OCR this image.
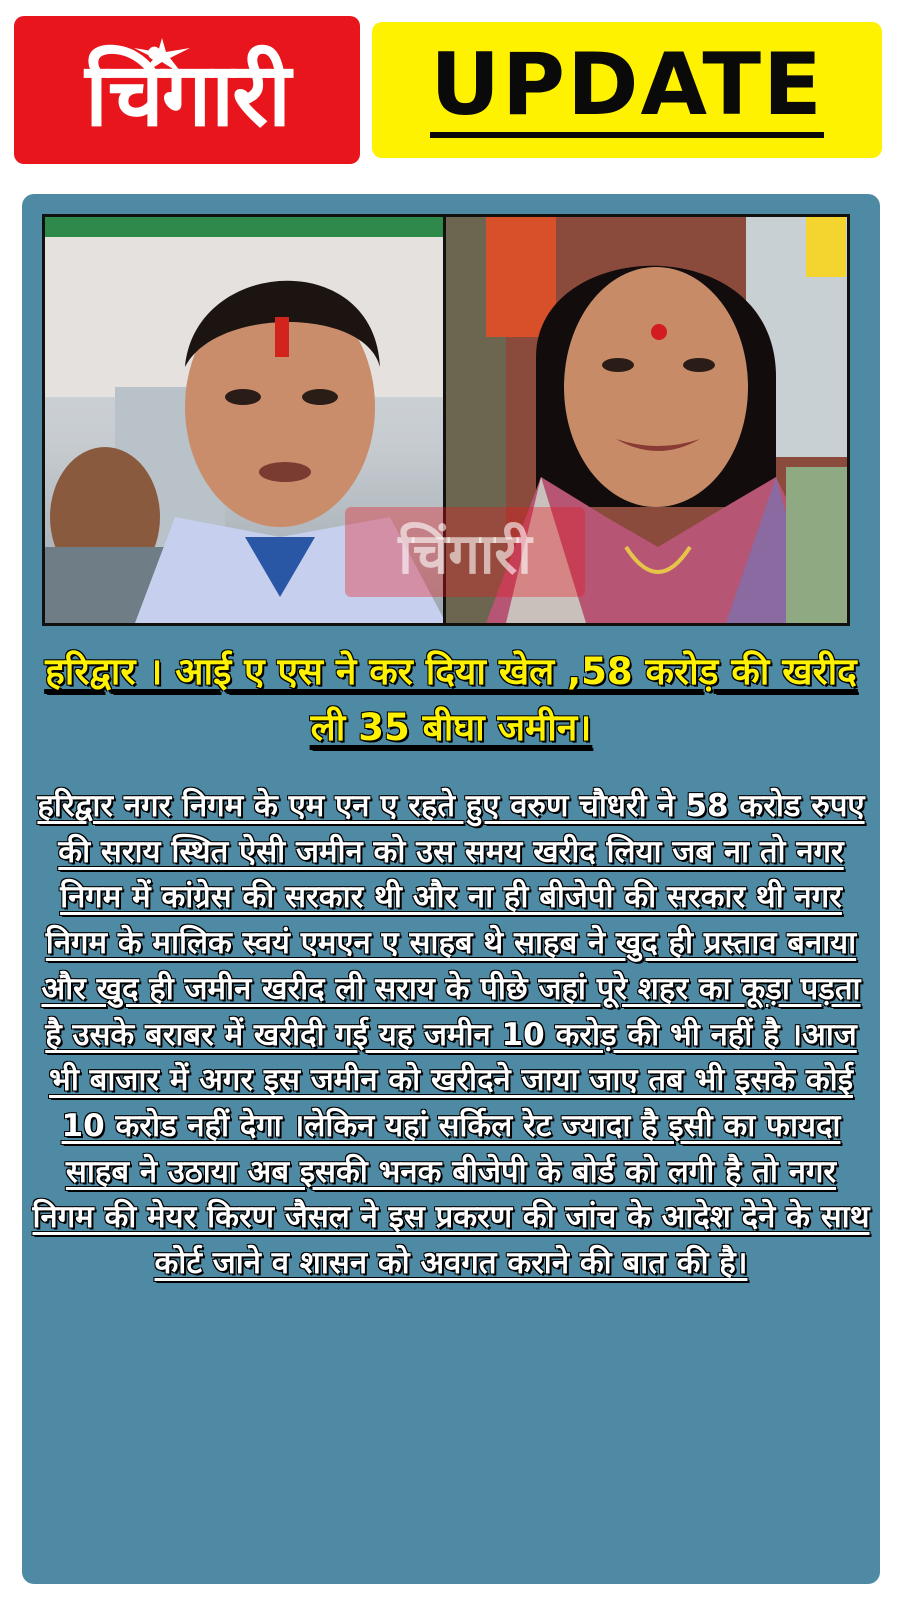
चिंगारी UPDATE
चिंगारी
हरिद्वार । आई ए एस ने कर दिया खेल ,58 करोड़ की खरीद ली 35 बीघा जमीन।
हरिद्वार नगर निगम के एम एन ए रहते हुए वरुण चौधरी ने 58 करोड रुपए की सराय स्थित ऐसी जमीन को उस समय खरीद लिया जब ना तो नगर निगम में कांग्रेस की सरकार थी और ना ही बीजेपी की सरकार थी नगर निगम के मालिक स्वयं एमएन ए साहब थे साहब ने खुद ही प्रस्ताव बनाया और खुद ही जमीन खरीद ली सराय के पीछे जहां पूरे शहर का कूड़ा पड़ता है उसके बराबर में खरीदी गई यह जमीन 10 करोड़ की भी नहीं है ।आज भी बाजार में अगर इस जमीन को खरीदने जाया जाए तब भी इसके कोई 10 करोड नहीं देगा ।लेकिन यहां सर्किल रेट ज्यादा है इसी का फायदा साहब ने उठाया अब इसकी भनक बीजेपी के बोर्ड को लगी है तो नगर निगम की मेयर किरण जैसल ने इस प्रकरण की जांच के आदेश देने के साथ कोर्ट जाने व शासन को अवगत कराने की बात की है।
